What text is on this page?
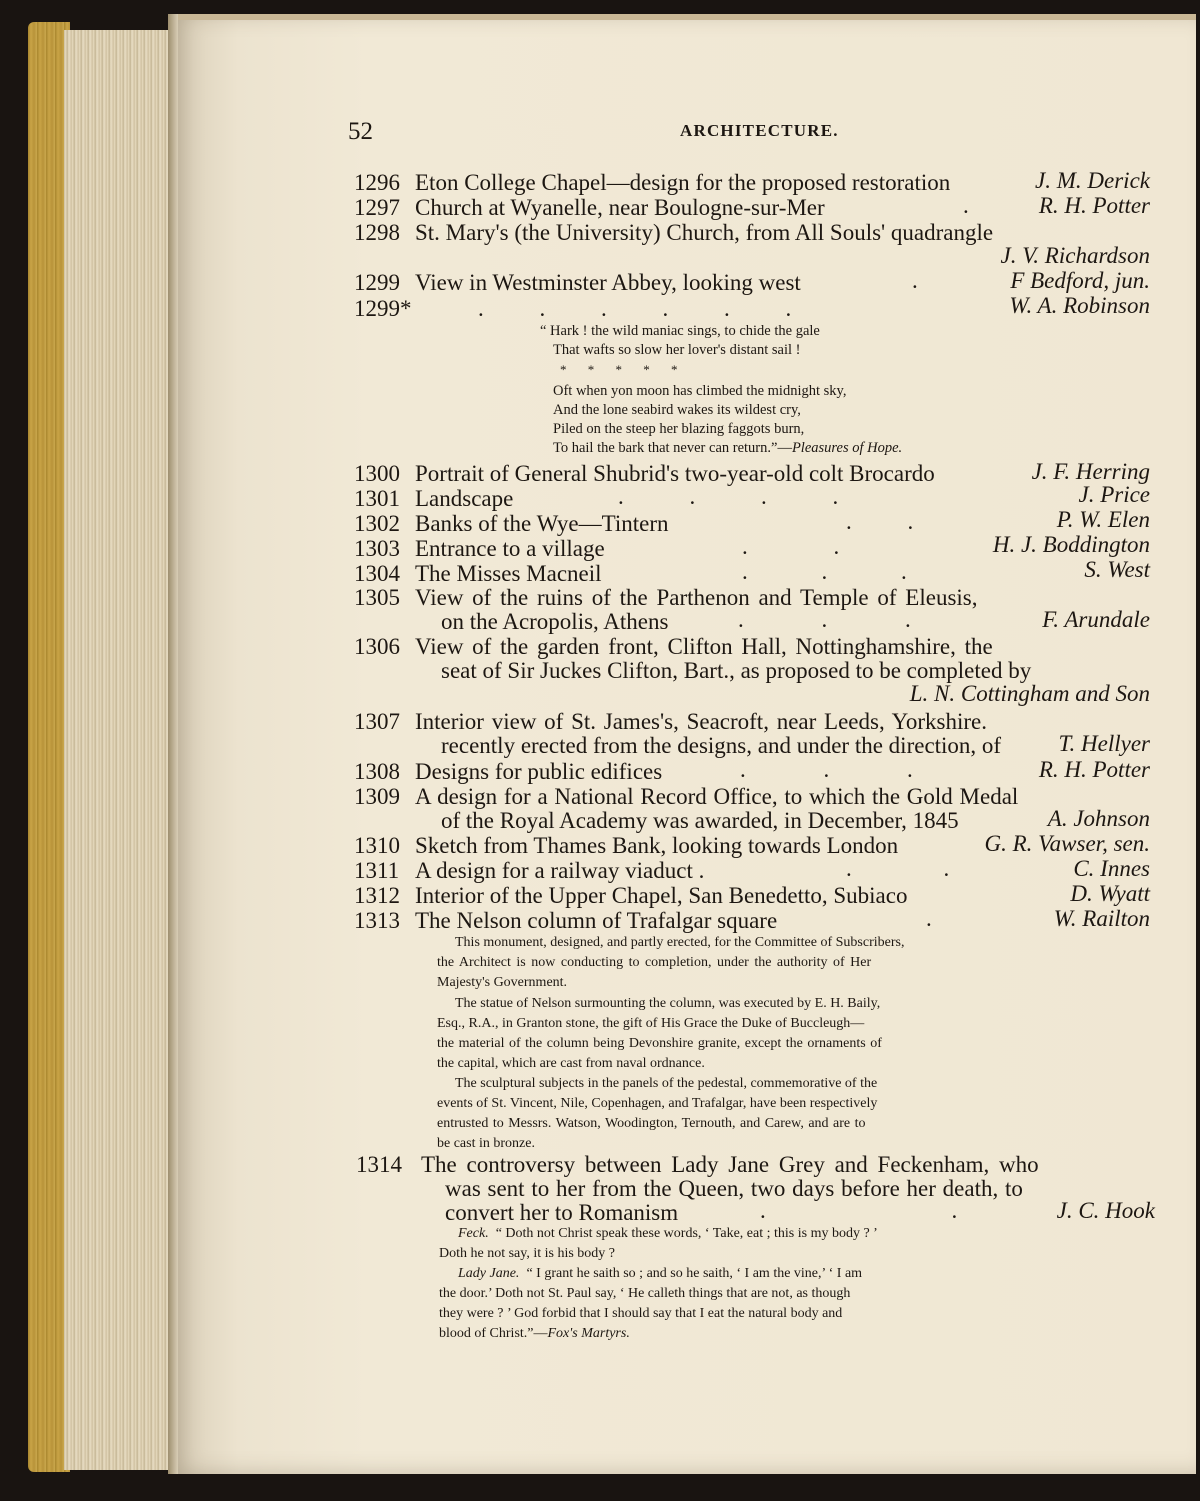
52	ARCHITECTURE.
1296 Eton College Chapel—design for the proposed restoration	J. M. Derick
1297 Church at Wyanelle, near Boulogne-sur-Mer	.	R. H. Potter
1298 St. Mary's (the University) Church, from All Souls' quadrangle
J. V. Richardson
1299 View in Westminster Abbey, looking west	.	F Bedford, jun.
1299*	. . . . . .	W. A. Robinson
“ Hark ! the wild maniac sings, to chide the gale
That wafts so slow her lover's distant sail !
* * * * *
Oft when yon moon has climbed the midnight sky,
And the lone seabird wakes its wildest cry,
Piled on the steep her blazing faggots burn,
To hail the bark that never can return.”—Pleasures of Hope.
1300 Portrait of General Shubrid's two-year-old colt Brocardo	J. F. Herring
1301 Landscape	. . . .	J. Price
1302 Banks of the Wye—Tintern	. .	P. W. Elen
1303 Entrance to a village	. .	H. J. Boddington
1304 The Misses Macneil	. . .	S. West
1305 View of the ruins of the Parthenon and Temple of Eleusis,
on the Acropolis, Athens	. . .	F. Arundale
1306 View of the garden front, Clifton Hall, Nottinghamshire, the
seat of Sir Juckes Clifton, Bart., as proposed to be completed by
L. N. Cottingham and Son
1307 Interior view of St. James's, Seacroft, near Leeds, Yorkshire.
recently erected from the designs, and under the direction, of T. Hellyer
1308 Designs for public edifices	. . .	R. H. Potter
1309 A design for a National Record Office, to which the Gold Medal
of the Royal Academy was awarded, in December, 1845	A. Johnson
1310 Sketch from Thames Bank, looking towards London	G. R. Vawser, sen.
1311 A design for a railway viaduct .	. .	C. Innes
1312 Interior of the Upper Chapel, San Benedetto, Subiaco	D. Wyatt
1313 The Nelson column of Trafalgar square	.	W. Railton
This monument, designed, and partly erected, for the Committee of Subscribers,
the Architect is now conducting to completion, under the authority of Her
Majesty's Government.
The statue of Nelson surmounting the column, was executed by E. H. Baily,
Esq., R.A., in Granton stone, the gift of His Grace the Duke of Buccleugh—
the material of the column being Devonshire granite, except the ornaments of
the capital, which are cast from naval ordnance.
The sculptural subjects in the panels of the pedestal, commemorative of the
events of St. Vincent, Nile, Copenhagen, and Trafalgar, have been respectively
entrusted to Messrs. Watson, Woodington, Ternouth, and Carew, and are to
be cast in bronze.
1314 The controversy between Lady Jane Grey and Feckenham, who
was sent to her from the Queen, two days before her death, to
convert her to Romanism	. .	J. C. Hook
Feck. “ Doth not Christ speak these words, ‘ Take, eat ; this is my body ? ’
Doth he not say, it is his body ?
Lady Jane. “ I grant he saith so ; and so he saith, ‘ I am the vine,’ ‘ I am
the door.’ Doth not St. Paul say, ‘ He calleth things that are not, as though
they were ? ’ God forbid that I should say that I eat the natural body and
blood of Christ.”—Fox's Martyrs.
